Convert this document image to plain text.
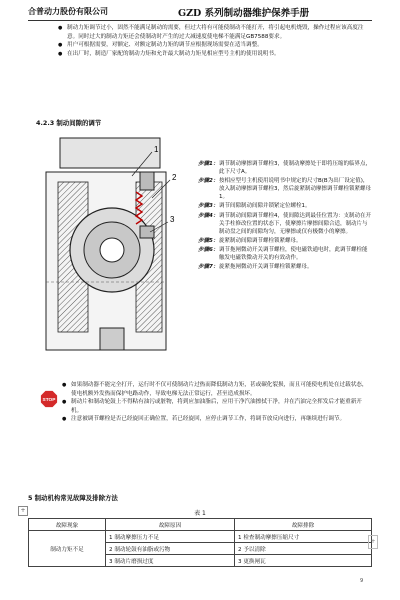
合普动力股份有限公司	GZD 系列制动器维护保养手册
● 制动力矩调节过小，固然不能满足制动的需要，但过大将有可能使制动不能打开，将引起电机烧毁，操作过程应该高度注意。同时过大的制动力矩还会使制动时产生的过大减速度使电梯不能满足GB7588要求。
● 用户可根据需要，对额定、对额定制动力矩的调节应根据现场需要在适当调整。
● 在出厂时，制造厂家配的制动力矩和允许最大制动力矩见相应型号主机的使用说明书。
4.2.3 制动间隙的调节
1
2
3
步骤1： 调节制动摩擦调节螺栓3，使制动摩擦处于即将压缩的临界点，此下尺寸A。
步骤2： 按相应型号主机使用说明书中规定的尺寸B(B为出厂设定值)，放入制动摩擦调节螺栓3，然后旋紧制动摩擦调节螺栓锁紧螺母1。
步骤3： 调节间隙制动间隙并锁紧定位螺栓1。
步骤4： 调节制动间隙调节螺栓4，使间隙达到最佳位置为：支制动在开关手柱修改位置的状态下，使摩擦片摩擦间隙合适，制动片与制动盘之间的间隙均匀，无摩擦或仅有极微小的摩擦。
步骤5： 旋紧制动间隙调节螺栓锁紧螺母。
步骤6： 调节拖闸微动开关调节螺栓，使电磁铁通电时，此调节螺栓能触发电磁铁微动开关的有效动作。
步骤7： 旋紧拖闸微动开关调节螺栓锁紧螺母。
STOP
● 如果制动器不能完全打开，运行时不仅可使制动片过热而降低制动力矩，甚或碳化裂损，而且可能使电机处在过载状态，使电机额外发热而保护电路动作，导致电梯无法正常运行，甚至造成损坏。
● 制动片和制动轮鼓上不得粘有油污或脏物，将到应加油脂后，应用干净汽油擦拭干净，并在汽油完全挥发后才能重新开机。
● 注意被调节螺栓是否已经旋回正确位置，若已经旋回，应停止调节工作，将调节放反向进行，再继续进行调节。
5 制动机构常见故障及排除方法
+	表 1
故障现象	故障原因	故障排除
制动力矩不足	1 制动摩擦压力不足	1 检查制动摩擦压缩尺寸
	2 制动轮鼓有油脂或污物	2 予以清除
	3 制动片磨损过度	3 更换闸瓦
+
9
